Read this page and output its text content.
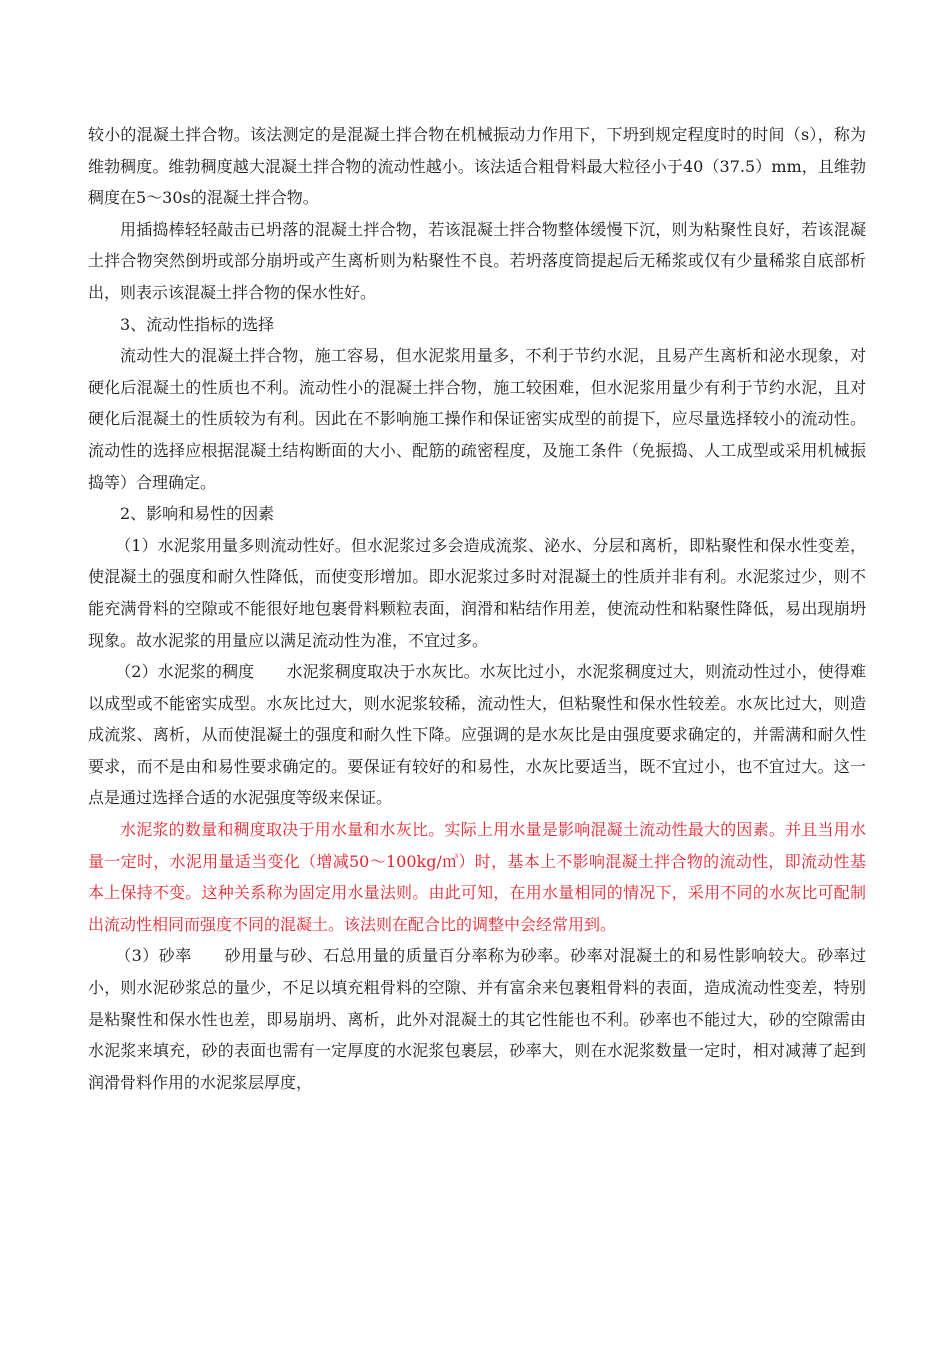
较小的混凝土拌合物。该法测定的是混凝土拌合物在机械振动力作用下，下坍到规定程度时的时间（s），称为维勃稠度。维勃稠度越大混凝土拌合物的流动性越小。该法适合粗骨料最大粒径小于40（37.5）mm，且维勃稠度在5～30s的混凝土拌合物。

用插捣棒轻轻敲击已坍落的混凝土拌合物，若该混凝土拌合物整体缓慢下沉，则为粘聚性良好，若该混凝土拌合物突然倒坍或部分崩坍或产生离析则为粘聚性不良。若坍落度筒提起后无稀浆或仅有少量稀浆自底部析出，则表示该混凝土拌合物的保水性好。

3、流动性指标的选择

流动性大的混凝土拌合物，施工容易，但水泥浆用量多，不利于节约水泥，且易产生离析和泌水现象，对硬化后混凝土的性质也不利。流动性小的混凝土拌合物，施工较困难，但水泥浆用量少有利于节约水泥，且对硬化后混凝土的性质较为有利。因此在不影响施工操作和保证密实成型的前提下，应尽量选择较小的流动性。流动性的选择应根据混凝土结构断面的大小、配筋的疏密程度，及施工条件（免振捣、人工成型或采用机械振捣等）合理确定。

2、影响和易性的因素

（1）水泥浆用量多则流动性好。但水泥浆过多会造成流浆、泌水、分层和离析，即粘聚性和保水性变差，使混凝土的强度和耐久性降低，而使变形增加。即水泥浆过多时对混凝土的性质并非有利。水泥浆过少，则不能充满骨料的空隙或不能很好地包裹骨料颗粒表面，润滑和粘结作用差，使流动性和粘聚性降低，易出现崩坍现象。故水泥浆的用量应以满足流动性为准，不宜过多。

（2）水泥浆的稠度　　水泥浆稠度取决于水灰比。水灰比过小，水泥浆稠度过大，则流动性过小，使得难以成型或不能密实成型。水灰比过大，则水泥浆较稀，流动性大，但粘聚性和保水性较差。水灰比过大，则造成流浆、离析，从而使混凝土的强度和耐久性下降。应强调的是水灰比是由强度要求确定的，并需满和耐久性要求，而不是由和易性要求确定的。要保证有较好的和易性，水灰比要适当，既不宜过小，也不宜过大。这一点是通过选择合适的水泥强度等级来保证。

水泥浆的数量和稠度取决于用水量和水灰比。实际上用水量是影响混凝土流动性最大的因素。并且当用水量一定时，水泥用量适当变化（增减50～100kg/㎥）时，基本上不影响混凝土拌合物的流动性，即流动性基本上保持不变。这种关系称为固定用水量法则。由此可知，在用水量相同的情况下，采用不同的水灰比可配制出流动性相同而强度不同的混凝土。该法则在配合比的调整中会经常用到。

（3）砂率　　砂用量与砂、石总用量的质量百分率称为砂率。砂率对混凝土的和易性影响较大。砂率过小，则水泥砂浆总的量少，不足以填充粗骨料的空隙、并有富余来包裹粗骨料的表面，造成流动性变差，特别是粘聚性和保水性也差，即易崩坍、离析，此外对混凝土的其它性能也不利。砂率也不能过大，砂的空隙需由水泥浆来填充，砂的表面也需有一定厚度的水泥浆包裹层，砂率大，则在水泥浆数量一定时，相对减薄了起到润滑骨料作用的水泥浆层厚度，
